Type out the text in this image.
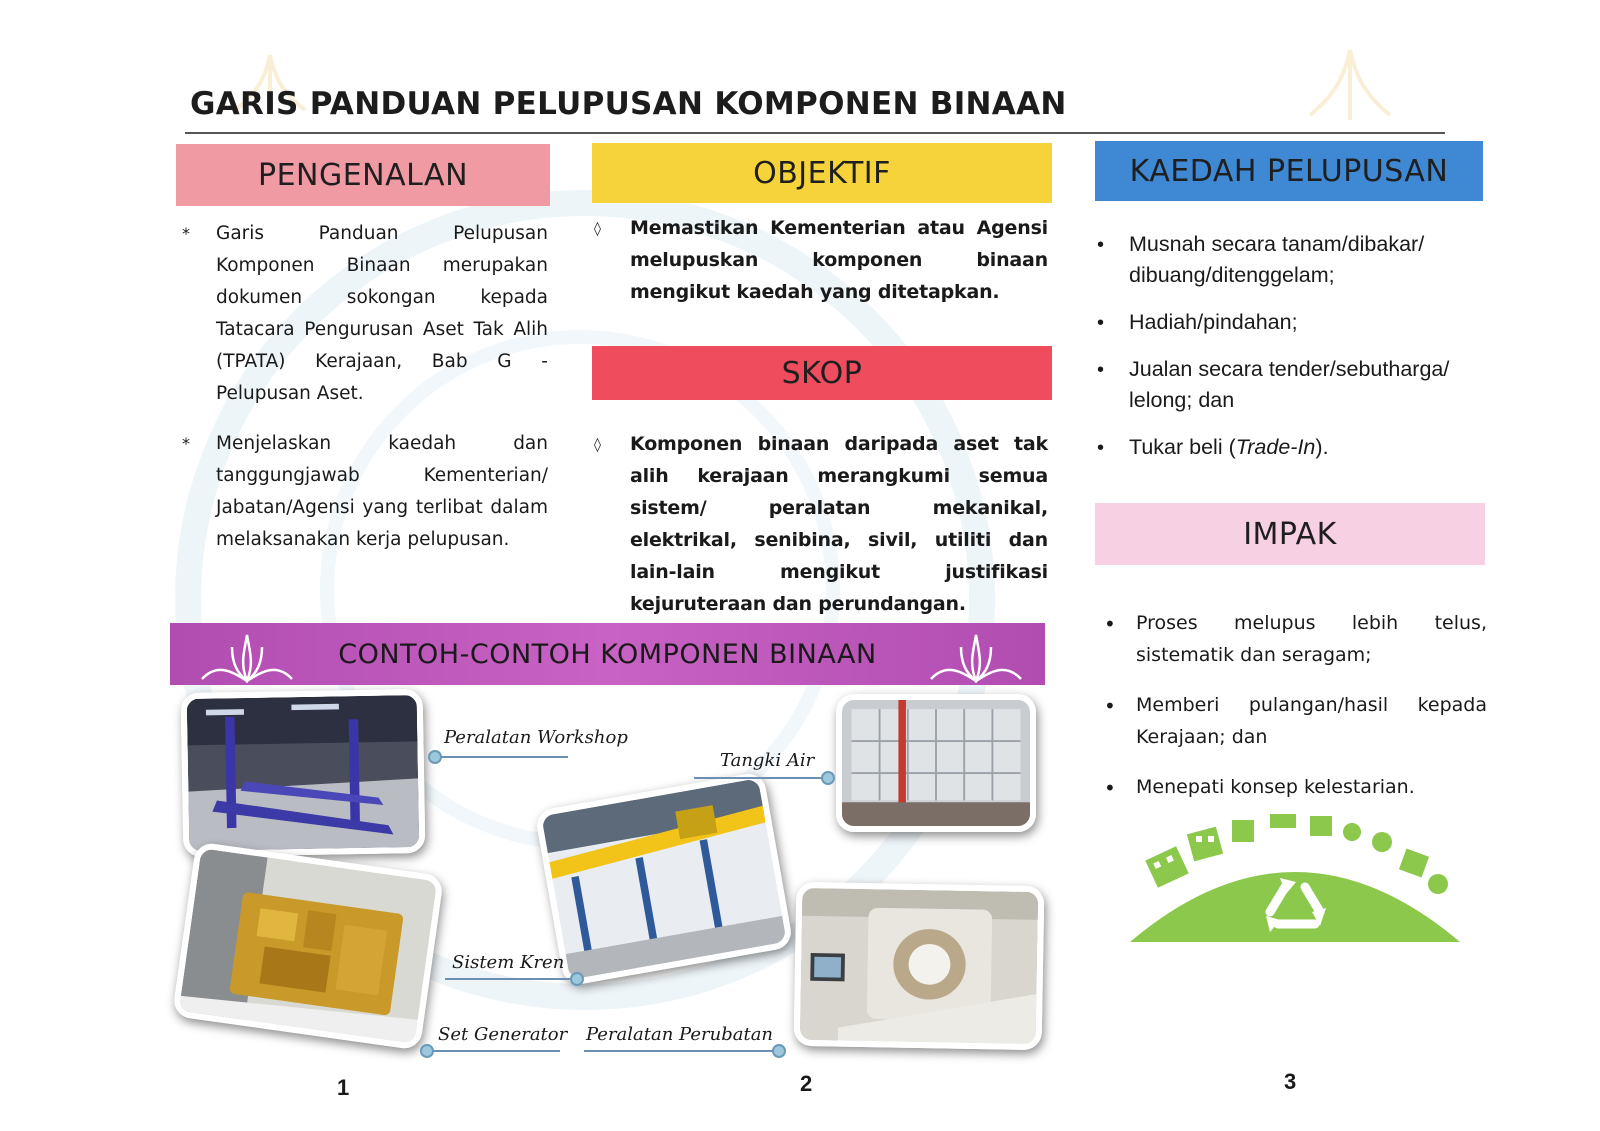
GARIS PANDUAN PELUPUSAN KOMPONEN BINAAN
PENGENALAN
*	Garis Panduan Pelupusan Komponen Binaan merupakan dokumen sokongan kepada Tatacara Pengurusan Aset Tak Alih (TPATA) Kerajaan, Bab G - Pelupusan Aset.
*	Menjelaskan kaedah dan tanggungjawab Kementerian/ Jabatan/Agensi yang terlibat dalam melaksanakan kerja pelupusan.
OBJEKTIF
◊	Memastikan Kementerian atau Agensi melupuskan komponen binaan mengikut kaedah yang ditetapkan.
SKOP
◊	Komponen binaan daripada aset tak alih kerajaan merangkumi semua sistem/ peralatan mekanikal, elektrikal, senibina, sivil, utiliti dan lain-lain mengikut justifikasi kejuruteraan dan perundangan.
KAEDAH PELUPUSAN
•	Musnah secara tanam/dibakar/ dibuang/ditenggelam;
•	Hadiah/pindahan;
•	Jualan secara tender/sebutharga/ lelong; dan
•	Tukar beli (Trade-In).
IMPAK
•	Proses melupus lebih telus, sistematik dan seragam;
•	Memberi pulangan/hasil kepada Kerajaan; dan
•	Menepati konsep kelestarian.
CONTOH-CONTOH KOMPONEN BINAAN
Peralatan Workshop
Tangki Air
Sistem Kren
Set Generator Peralatan Perubatan
1	2	3
